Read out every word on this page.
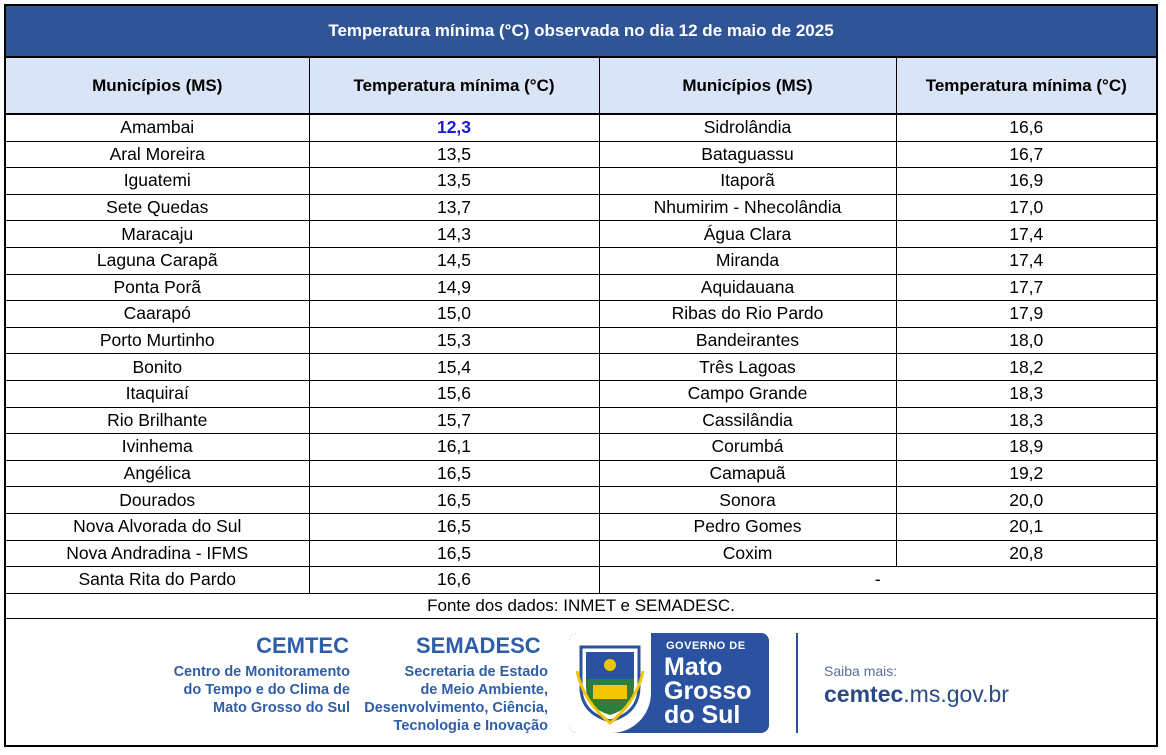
Temperatura mínima (°C) observada no dia 12 de maio de 2025
Municípios (MS)	Temperatura mínima (°C)	Municípios (MS)	Temperatura mínima (°C)
Amambai	12,3	Sidrolândia	16,6
Aral Moreira	13,5	Bataguassu	16,7
Iguatemi	13,5	Itaporã	16,9
Sete Quedas	13,7	Nhumirim - Nhecolândia	17,0
Maracaju	14,3	Água Clara	17,4
Laguna Carapã	14,5	Miranda	17,4
Ponta Porã	14,9	Aquidauana	17,7
Caarapó	15,0	Ribas do Rio Pardo	17,9
Porto Murtinho	15,3	Bandeirantes	18,0
Bonito	15,4	Três Lagoas	18,2
Itaquiraí	15,6	Campo Grande	18,3
Rio Brilhante	15,7	Cassilândia	18,3
Ivinhema	16,1	Corumbá	18,9
Angélica	16,5	Camapuã	19,2
Dourados	16,5	Sonora	20,0
Nova Alvorada do Sul	16,5	Pedro Gomes	20,1
Nova Andradina - IFMS	16,5	Coxim	20,8
Santa Rita do Pardo	16,6	-	
Fonte dos dados: INMET e SEMADESC.
CEMTEC
Centro de Monitoramento
do Tempo e do Clima de
Mato Grosso do Sul
SEMADESC
Secretaria de Estado
de Meio Ambiente,
Desenvolvimento, Ciência,
Tecnologia e Inovação
GOVERNO DE
Mato
Grosso
do Sul
Saiba mais:
cemtec.ms.gov.br
